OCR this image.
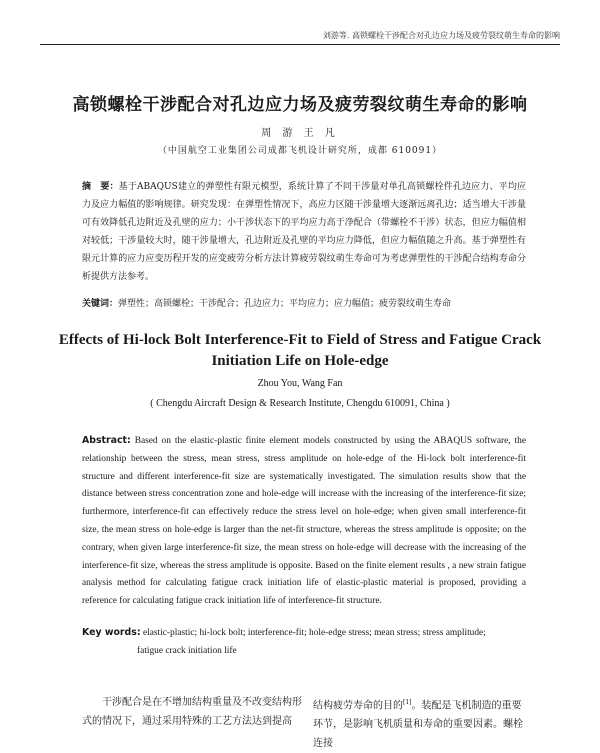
刘游等. 高锁螺栓干涉配合对孔边应力场及疲劳裂纹萌生寿命的影响
高锁螺栓干涉配合对孔边应力场及疲劳裂纹萌生寿命的影响
周 游 王 凡
（中国航空工业集团公司成都飞机设计研究所，成都 610091）
摘　要：基于ABAQUS建立的弹塑性有限元模型，系统计算了不同干涉量对单孔高锁螺栓件孔边应力、平均应力及应力幅值的影响规律。研究发现：在弹塑性情况下，高应力区随干涉量增大逐渐远离孔边；适当增大干涉量可有效降低孔边附近及孔壁的应力；小干涉状态下的平均应力高于净配合（带螺栓不干涉）状态，但应力幅值相对较低；干涉量较大时，随干涉量增大，孔边附近及孔壁的平均应力降低，但应力幅值随之升高。基于弹塑性有限元计算的应力应变历程开发的应变疲劳分析方法计算疲劳裂纹萌生寿命可为考虑弹塑性的干涉配合结构寿命分析提供方法参考。
关键词：弹塑性；高锁螺栓；干涉配合；孔边应力；平均应力；应力幅值；疲劳裂纹萌生寿命
Effects of Hi-lock Bolt Interference-Fit to Field of Stress and Fatigue Crack Initiation Life on Hole-edge
Zhou You, Wang Fan
( Chengdu Aircraft Design & Research Institute, Chengdu 610091, China )
Abstract: Based on the elastic-plastic finite element models constructed by using the ABAQUS software, the relationship between the stress, mean stress, stress amplitude on hole-edge of the Hi-lock bolt interference-fit structure and different interference-fit size are systematically investigated. The simulation results show that the distance between stress concentration zone and hole-edge will increase with the increasing of the interference-fit size; furthermore, interference-fit can effectively reduce the stress level on hole-edge; when given small interference-fit size, the mean stress on hole-edge is larger than the net-fit structure, whereas the stress amplitude is opposite; on the contrary, when given large interference-fit size, the mean stress on hole-edge will decrease with the increasing of the interference-fit size, whereas the stress amplitude is opposite. Based on the finite element results , a new strain fatigue analysis method for calculating fatigue crack initiation life of elastic-plastic material is proposed, providing a reference for calculating fatigue crack initiation life of interference-fit structure.
Key words: elastic-plastic; hi-lock bolt; interference-fit; hole-edge stress; mean stress; stress amplitude;
fatigue crack initiation life
干涉配合是在不增加结构重量及不改变结构形式的情况下，通过采用特殊的工艺方法达到提高
结构疲劳寿命的目的[1]。装配是飞机制造的重要环节，是影响飞机质量和寿命的重要因素。螺栓连接
